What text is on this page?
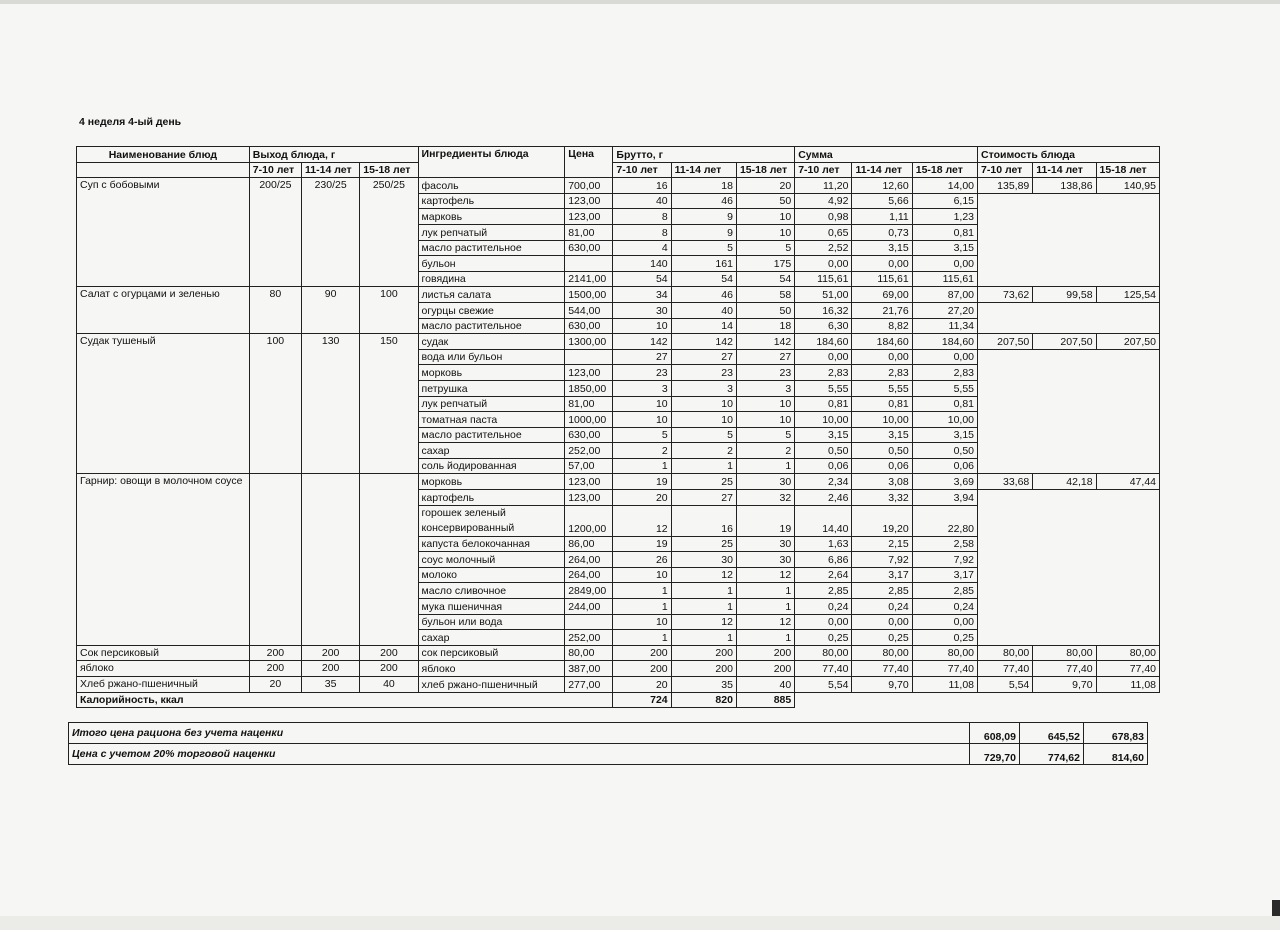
4 неделя 4-ый день
Наименование блюд	Выход блюда, г			Ингредиенты блюда	Цена	Брутто, г			Сумма			Стоимость блюда		
	7-10 лет	11-14 лет	15-18 лет			7-10 лет	11-14 лет	15-18 лет	7-10 лет	11-14 лет	15-18 лет	7-10 лет	11-14 лет	15-18 лет
Суп с бобовыми	200/25	230/25	250/25	фасоль	700,00	16	18	20	11,20	12,60	14,00	135,89	138,86	140,95
				картофель	123,00	40	46	50	4,92	5,66	6,15			
				марковь	123,00	8	9	10	0,98	1,11	1,23			
				лук репчатый	81,00	8	9	10	0,65	0,73	0,81			
				масло растительное	630,00	4	5	5	2,52	3,15	3,15			
				бульон		140	161	175	0,00	0,00	0,00			
				говядина	2141,00	54	54	54	115,61	115,61	115,61			
Салат с огурцами и зеленью	80	90	100	листья салата	1500,00	34	46	58	51,00	69,00	87,00	73,62	99,58	125,54
				огурцы свежие	544,00	30	40	50	16,32	21,76	27,20			
				масло растительное	630,00	10	14	18	6,30	8,82	11,34			
Судак тушеный	100	130	150	судак	1300,00	142	142	142	184,60	184,60	184,60	207,50	207,50	207,50
				вода или бульон		27	27	27	0,00	0,00	0,00			
				морковь	123,00	23	23	23	2,83	2,83	2,83			
				петрушка	1850,00	3	3	3	5,55	5,55	5,55			
				лук репчатый	81,00	10	10	10	0,81	0,81	0,81			
				томатная паста	1000,00	10	10	10	10,00	10,00	10,00			
				масло растительное	630,00	5	5	5	3,15	3,15	3,15			
				сахар	252,00	2	2	2	0,50	0,50	0,50			
				соль йодированная	57,00	1	1	1	0,06	0,06	0,06			
Гарнир: овощи в молочном соусе				морковь	123,00	19	25	30	2,34	3,08	3,69	33,68	42,18	47,44
				картофель	123,00	20	27	32	2,46	3,32	3,94			
				горошек зеленый консервированный	1200,00	12	16	19	14,40	19,20	22,80			
				капуста белокочанная	86,00	19	25	30	1,63	2,15	2,58			
				соус молочный	264,00	26	30	30	6,86	7,92	7,92			
				молоко	264,00	10	12	12	2,64	3,17	3,17			
				масло сливочное	2849,00	1	1	1	2,85	2,85	2,85			
				мука пшеничная	244,00	1	1	1	0,24	0,24	0,24			
				бульон или вода		10	12	12	0,00	0,00	0,00			
				сахар	252,00	1	1	1	0,25	0,25	0,25			
Сок персиковый	200	200	200	сок персиковый	80,00	200	200	200	80,00	80,00	80,00	80,00	80,00	80,00
яблоко	200	200	200	яблоко	387,00	200	200	200	77,40	77,40	77,40	77,40	77,40	77,40
Хлеб ржано-пшеничный	20	35	40	хлеб ржано-пшеничный	277,00	20	35	40	5,54	9,70	11,08	5,54	9,70	11,08
Калорийность, ккал						724	820	885						
Итого цена рациона без учета наценки	608,09	645,52	678,83
Цена с учетом 20% торговой наценки	729,70	774,62	814,60
